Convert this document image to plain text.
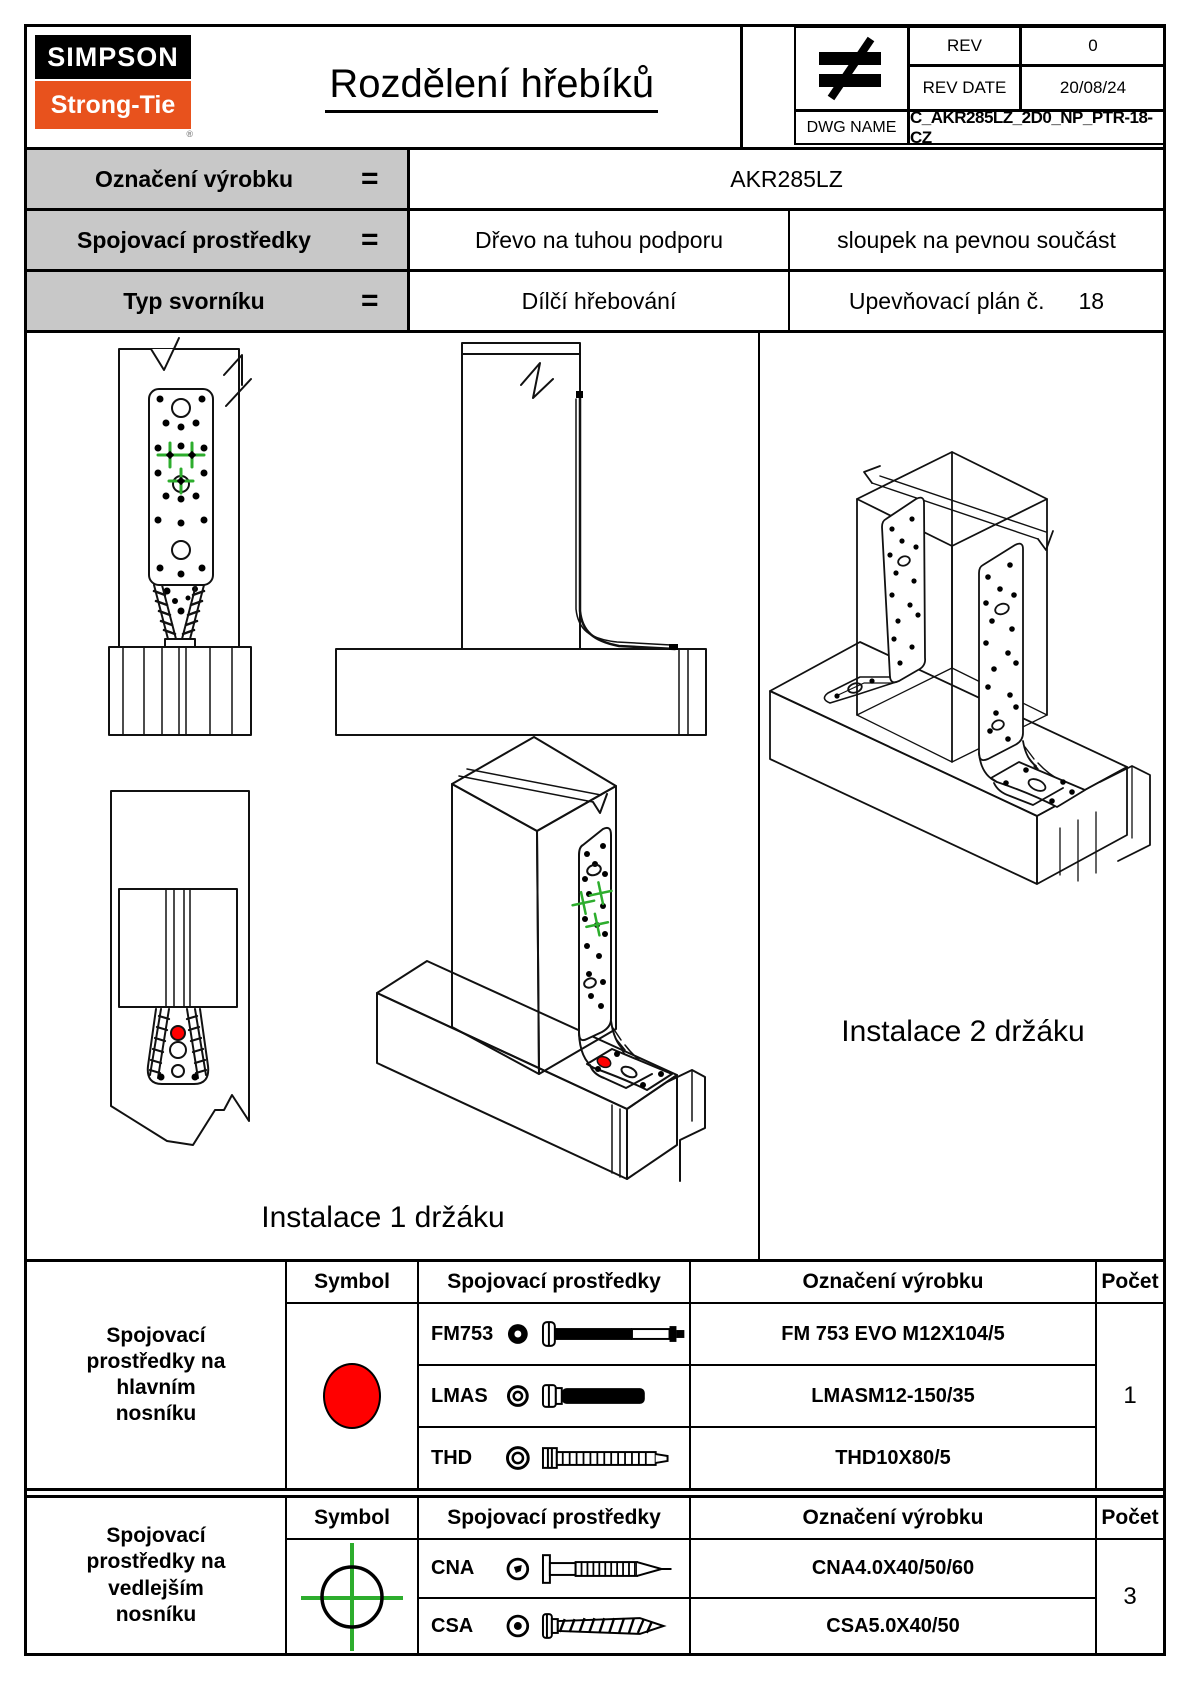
SIMPSON
Strong-Tie
®
Rozdělení hřebíků
REV	0
REV DATE	20/08/24
DWG NAME
C_AKR285LZ_2D0_NP_PTR-18-CZ
Označení výrobku	=	AKR285LZ
Spojovací prostředky	=	Dřevo na tuhou podporu	sloupek na pevnou součást
Typ svorníku	=	Dílčí hřebování	Upevňovací plán č. 18
Instalace 1 držáku
Instalace 2 držáku
Spojovací prostředky na hlavním nosníku
Symbol	Spojovací prostředky	Označení výrobku	Počet
FM753	FM 753 EVO M12X104/5
1
LMAS	LMASM12-150/35
THD	THD10X80/5
Spojovací prostředky na vedlejším nosníku
Symbol	Spojovací prostředky	Označení výrobku	Počet
CNA	CNA4.0X40/50/60
3
CSA	CSA5.0X40/50
